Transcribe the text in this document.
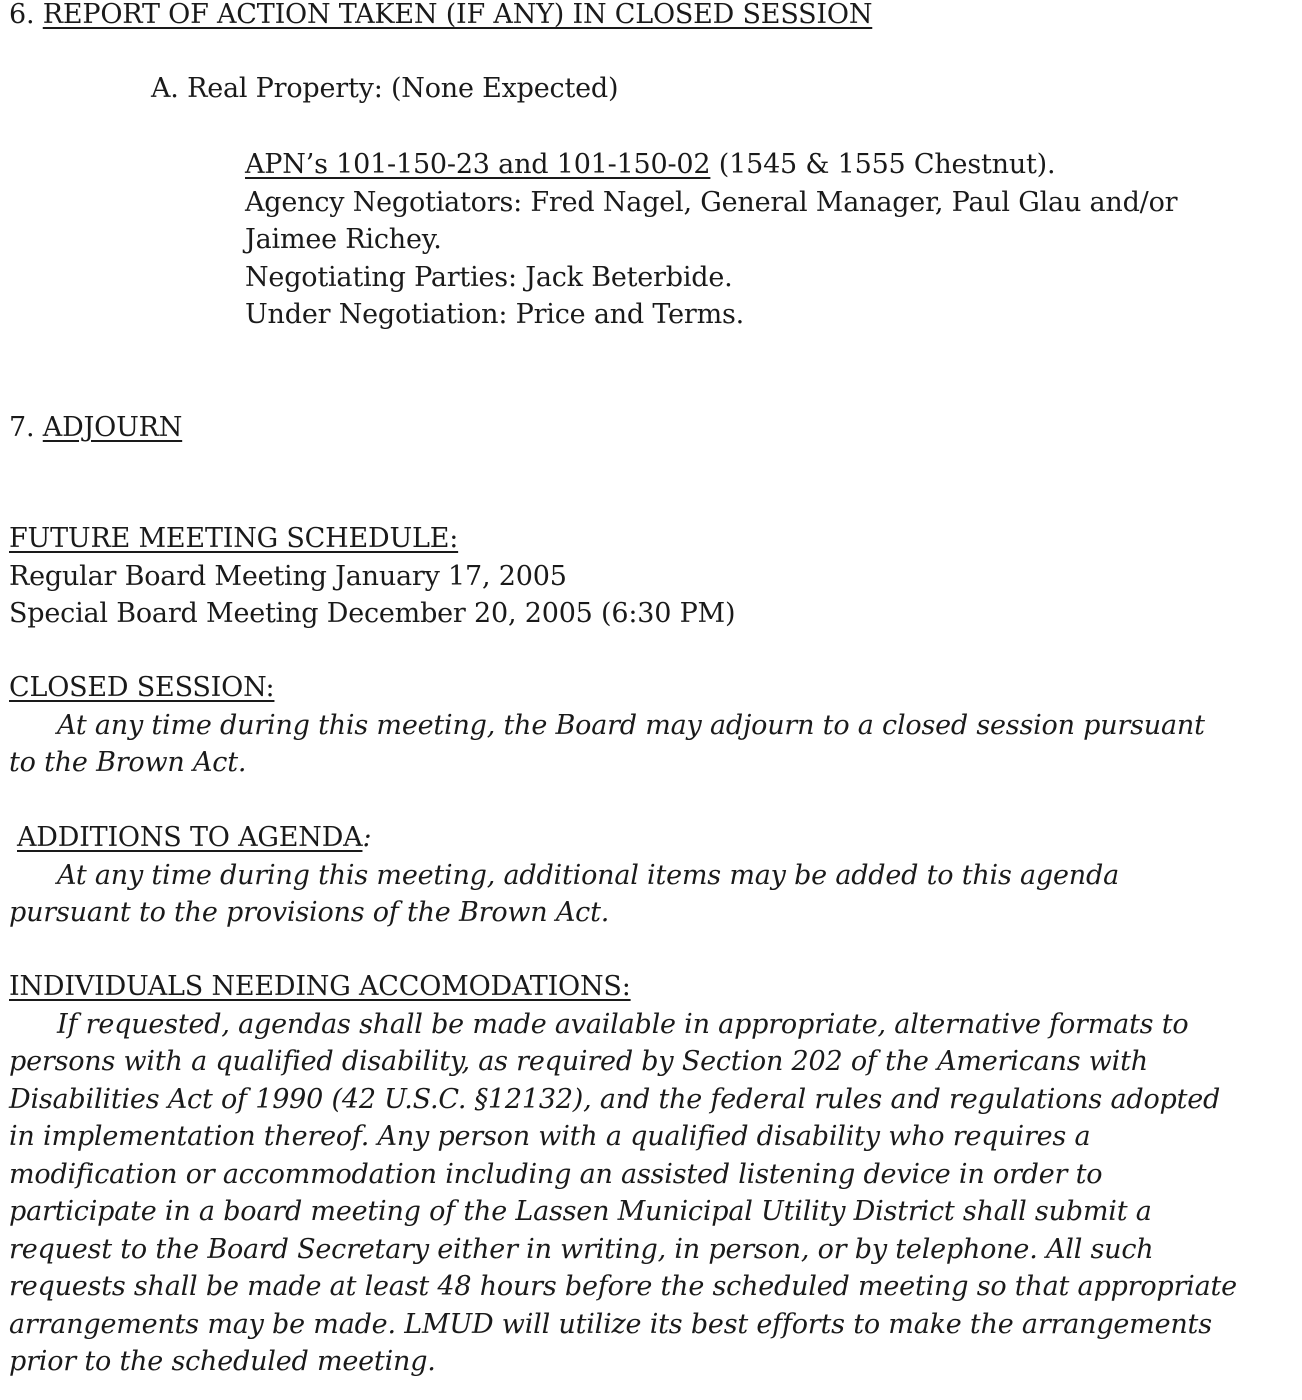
6. REPORT OF ACTION TAKEN (IF ANY) IN CLOSED SESSION
A. Real Property: (None Expected)
APN’s 101-150-23 and 101-150-02 (1545 & 1555 Chestnut).
Agency Negotiators: Fred Nagel, General Manager, Paul Glau and/or
Jaimee Richey.
Negotiating Parties: Jack Beterbide.
Under Negotiation: Price and Terms.
7. ADJOURN
FUTURE MEETING SCHEDULE:
Regular Board Meeting January 17, 2005
Special Board Meeting December 20, 2005 (6:30 PM)
CLOSED SESSION:
At any time during this meeting, the Board may adjourn to a closed session pursuant
to the Brown Act.
ADDITIONS TO AGENDA:
At any time during this meeting, additional items may be added to this agenda
pursuant to the provisions of the Brown Act.
INDIVIDUALS NEEDING ACCOMODATIONS:
If requested, agendas shall be made available in appropriate, alternative formats to
persons with a qualified disability, as required by Section 202 of the Americans with
Disabilities Act of 1990 (42 U.S.C. §12132), and the federal rules and regulations adopted
in implementation thereof. Any person with a qualified disability who requires a
modification or accommodation including an assisted listening device in order to
participate in a board meeting of the Lassen Municipal Utility District shall submit a
request to the Board Secretary either in writing, in person, or by telephone. All such
requests shall be made at least 48 hours before the scheduled meeting so that appropriate
arrangements may be made. LMUD will utilize its best efforts to make the arrangements
prior to the scheduled meeting.
